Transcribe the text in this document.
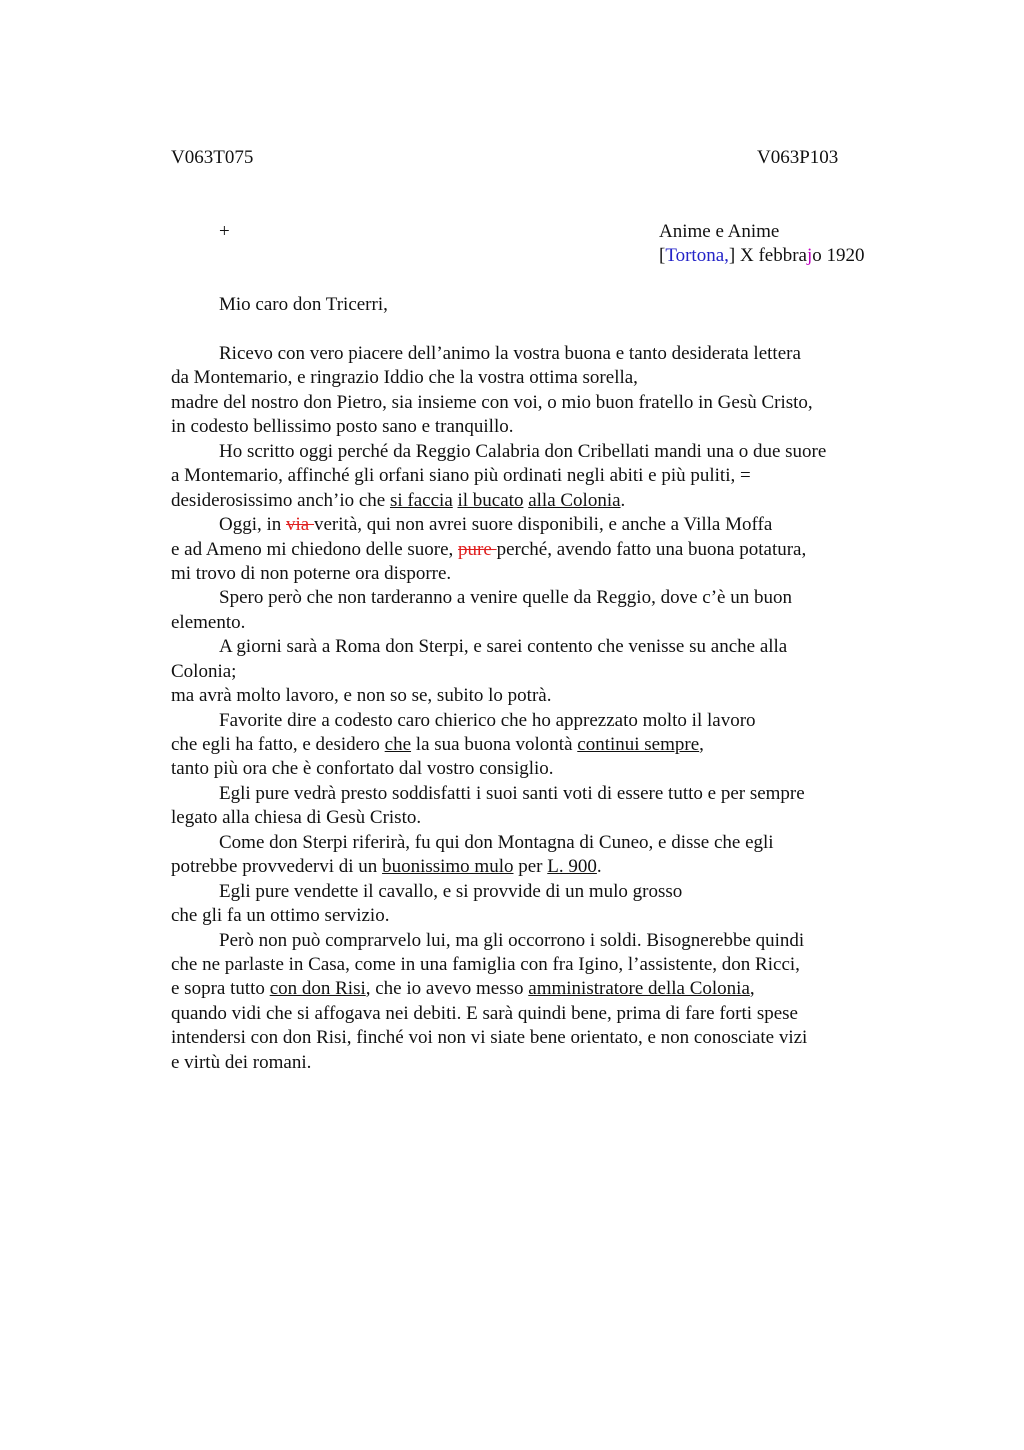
V063T075	V063P103
+	Anime e Anime
[Tortona,] X febbrajo 1920
Mio caro don Tricerri,
Ricevo con vero piacere dell’animo la vostra buona e tanto desiderata lettera
da Montemario, e ringrazio Iddio che la vostra ottima sorella,
madre del nostro don Pietro, sia insieme con voi, o mio buon fratello in Gesù Cristo,
in codesto bellissimo posto sano e tranquillo.
Ho scritto oggi perché da Reggio Calabria don Cribellati mandi una o due suore
a Montemario, affinché gli orfani siano più ordinati negli abiti e più puliti, =
desiderosissimo anch’io che si faccia il bucato alla Colonia.
Oggi, in via verità, qui non avrei suore disponibili, e anche a Villa Moffa
e ad Ameno mi chiedono delle suore, pure perché, avendo fatto una buona potatura,
mi trovo di non poterne ora disporre.
Spero però che non tarderanno a venire quelle da Reggio, dove c’è un buon
elemento.
A giorni sarà a Roma don Sterpi, e sarei contento che venisse su anche alla
Colonia;
ma avrà molto lavoro, e non so se, subito lo potrà.
Favorite dire a codesto caro chierico che ho apprezzato molto il lavoro
che egli ha fatto, e desidero che la sua buona volontà continui sempre,
tanto più ora che è confortato dal vostro consiglio.
Egli pure vedrà presto soddisfatti i suoi santi voti di essere tutto e per sempre
legato alla chiesa di Gesù Cristo.
Come don Sterpi riferirà, fu qui don Montagna di Cuneo, e disse che egli
potrebbe provvedervi di un buonissimo mulo per L. 900.
Egli pure vendette il cavallo, e si provvide di un mulo grosso
che gli fa un ottimo servizio.
Però non può comprarvelo lui, ma gli occorrono i soldi. Bisognerebbe quindi
che ne parlaste in Casa, come in una famiglia con fra Igino, l’assistente, don Ricci,
e sopra tutto con don Risi, che io avevo messo amministratore della Colonia,
quando vidi che si affogava nei debiti. E sarà quindi bene, prima di fare forti spese
intendersi con don Risi, finché voi non vi siate bene orientato, e non conosciate vizi
e virtù dei romani.
